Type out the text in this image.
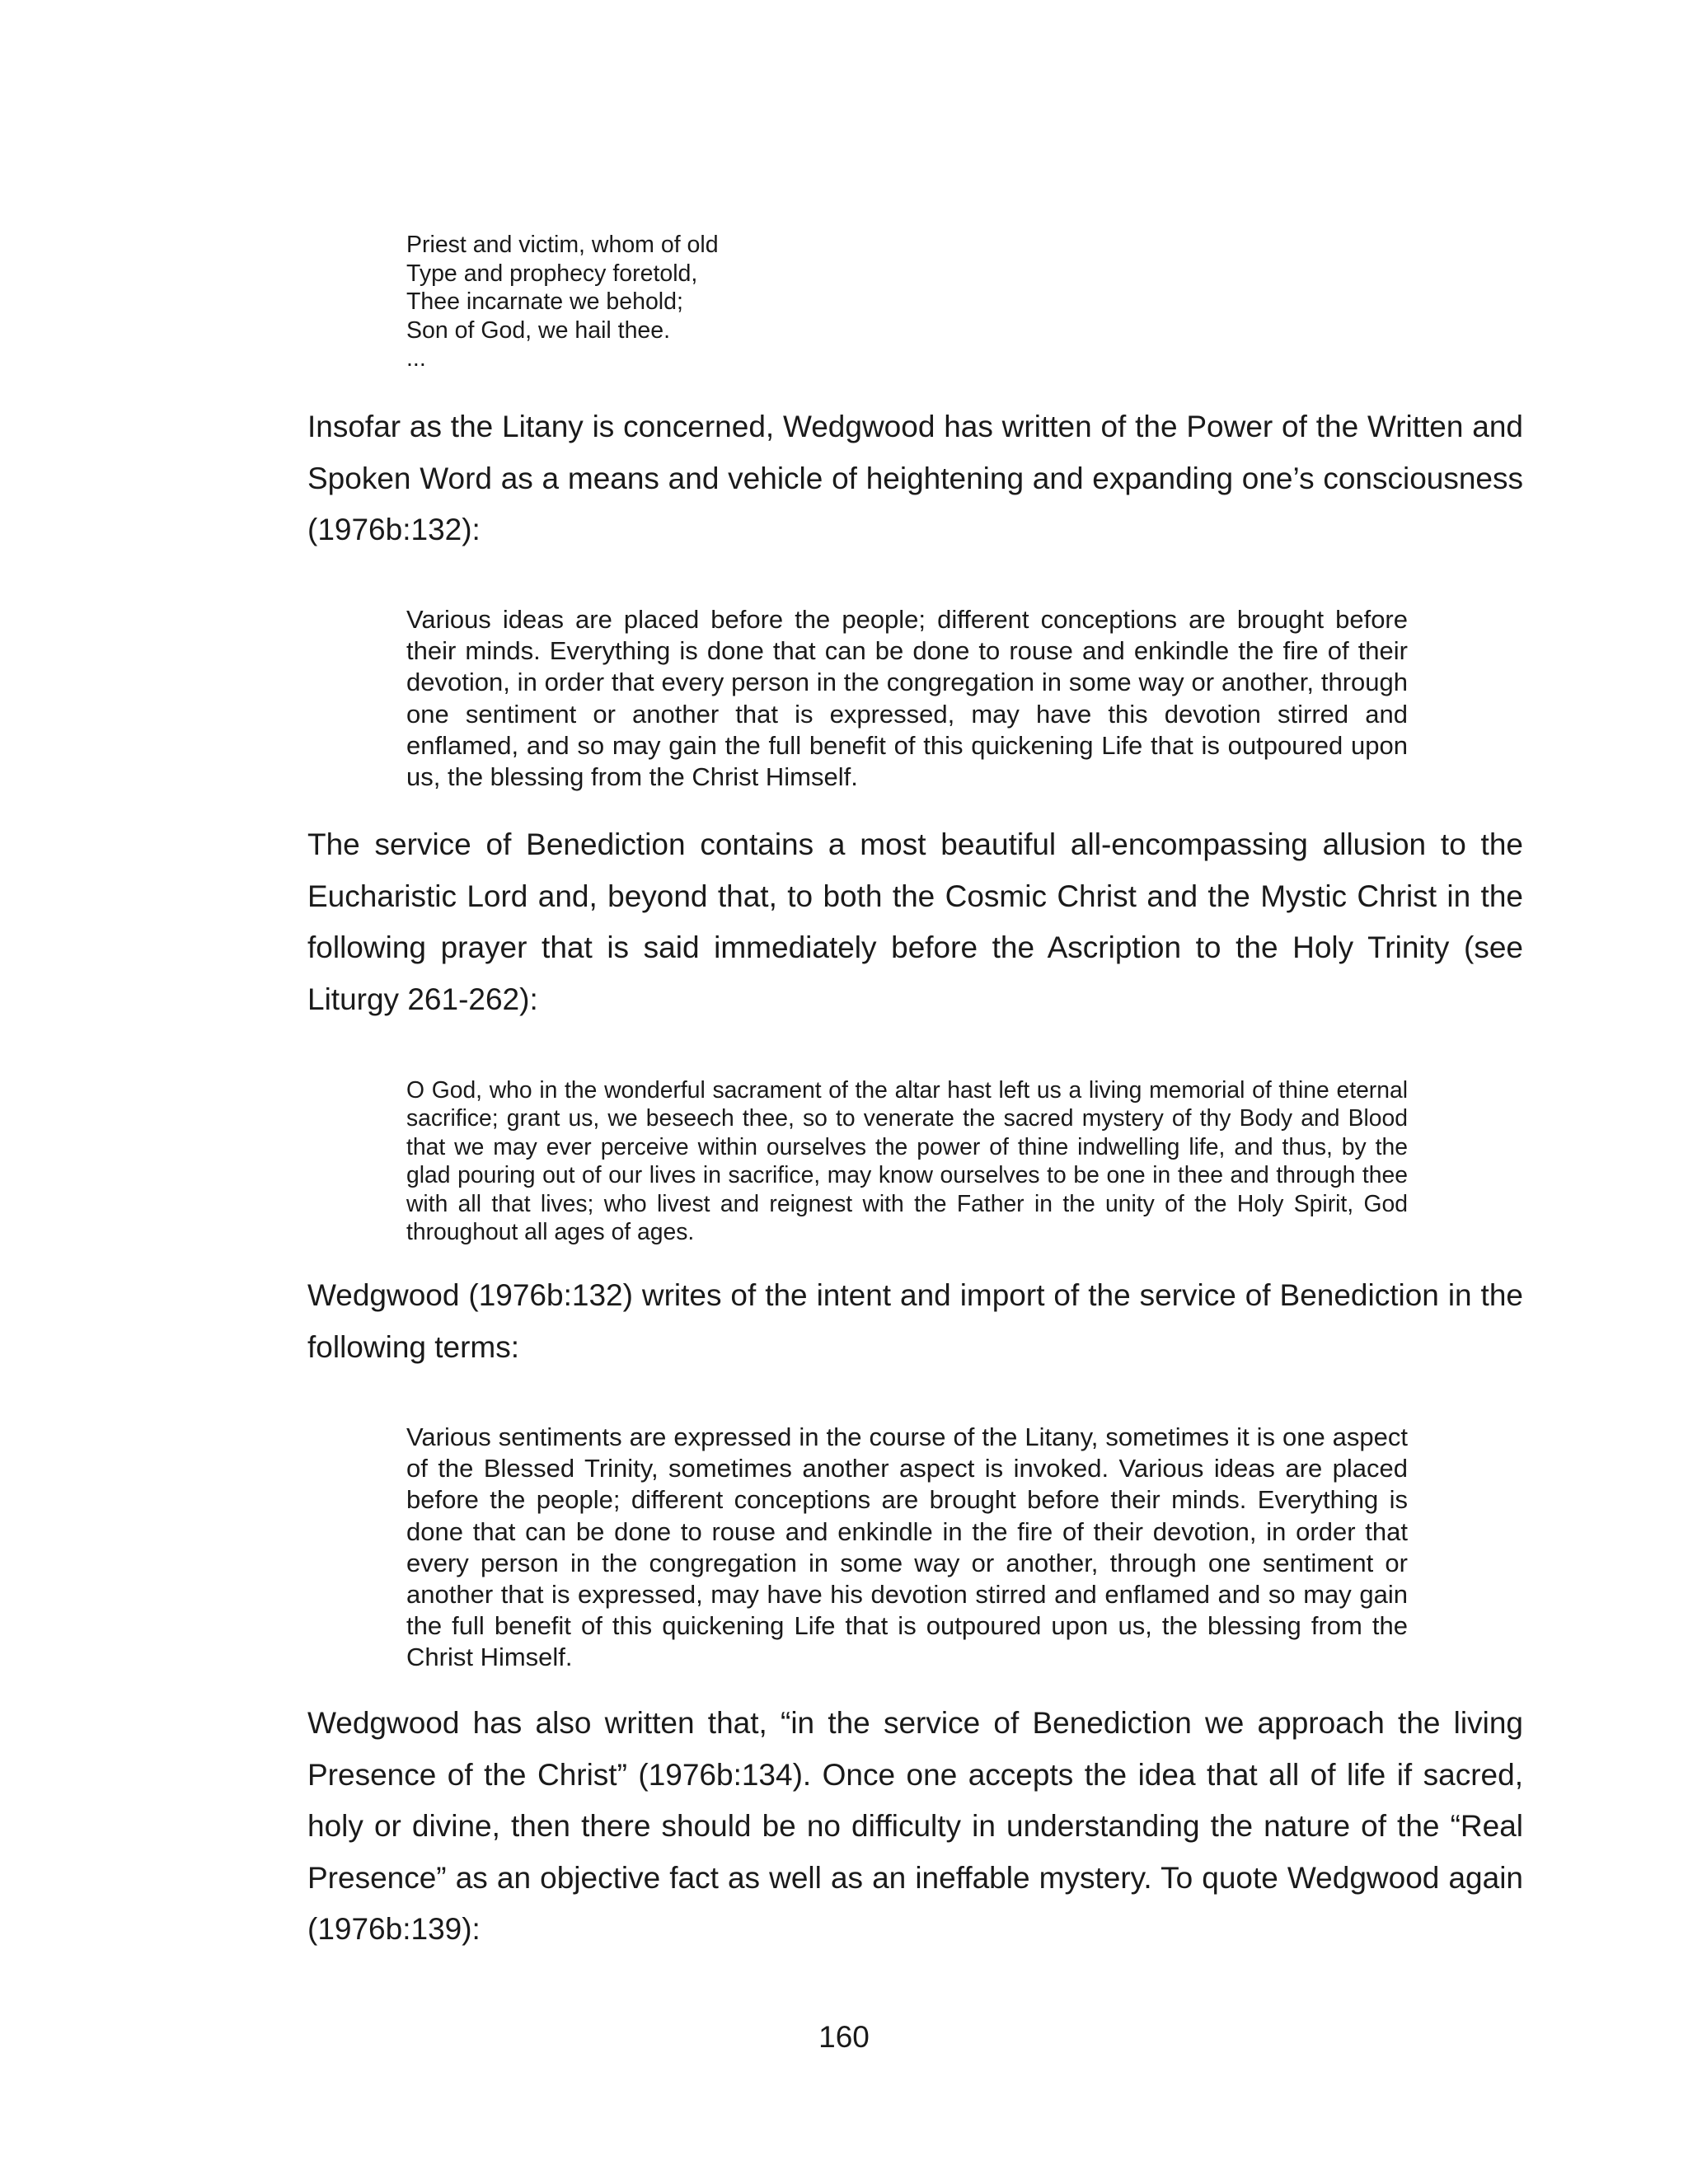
Priest and victim, whom of old
Type and prophecy foretold,
Thee incarnate we behold;
Son of God, we hail thee.
...

Insofar as the Litany is concerned, Wedgwood has written of the Power of the Written and Spoken Word as a means and vehicle of heightening and expanding one’s consciousness (1976b:132):

Various ideas are placed before the people; different conceptions are brought before their minds. Everything is done that can be done to rouse and enkindle the fire of their devotion, in order that every person in the congregation in some way or another, through one sentiment or another that is expressed, may have this devotion stirred and enflamed, and so may gain the full benefit of this quickening Life that is outpoured upon us, the blessing from the Christ Himself.

The service of Benediction contains a most beautiful all-encompassing allusion to the Eucharistic Lord and, beyond that, to both the Cosmic Christ and the Mystic Christ in the following prayer that is said immediately before the Ascription to the Holy Trinity (see Liturgy 261-262):

O God, who in the wonderful sacrament of the altar hast left us a living memorial of thine eternal sacrifice; grant us, we beseech thee, so to venerate the sacred mystery of thy Body and Blood that we may ever perceive within ourselves the power of thine indwelling life, and thus, by the glad pouring out of our lives in sacrifice, may know ourselves to be one in thee and through thee with all that lives; who livest and reignest with the Father in the unity of the Holy Spirit, God throughout all ages of ages.

Wedgwood (1976b:132) writes of the intent and import of the service of Benediction in the following terms:

Various sentiments are expressed in the course of the Litany, sometimes it is one aspect of the Blessed Trinity, sometimes another aspect is invoked. Various ideas are placed before the people; different conceptions are brought before their minds. Everything is done that can be done to rouse and enkindle in the fire of their devotion, in order that every person in the congregation in some way or another, through one sentiment or another that is expressed, may have his devotion stirred and enflamed and so may gain the full benefit of this quickening Life that is outpoured upon us, the blessing from the Christ Himself.

Wedgwood has also written that, “in the service of Benediction we approach the living Presence of the Christ” (1976b:134). Once one accepts the idea that all of life if sacred, holy or divine, then there should be no difficulty in understanding the nature of the “Real Presence” as an objective fact as well as an ineffable mystery. To quote Wedgwood again (1976b:139):

160
